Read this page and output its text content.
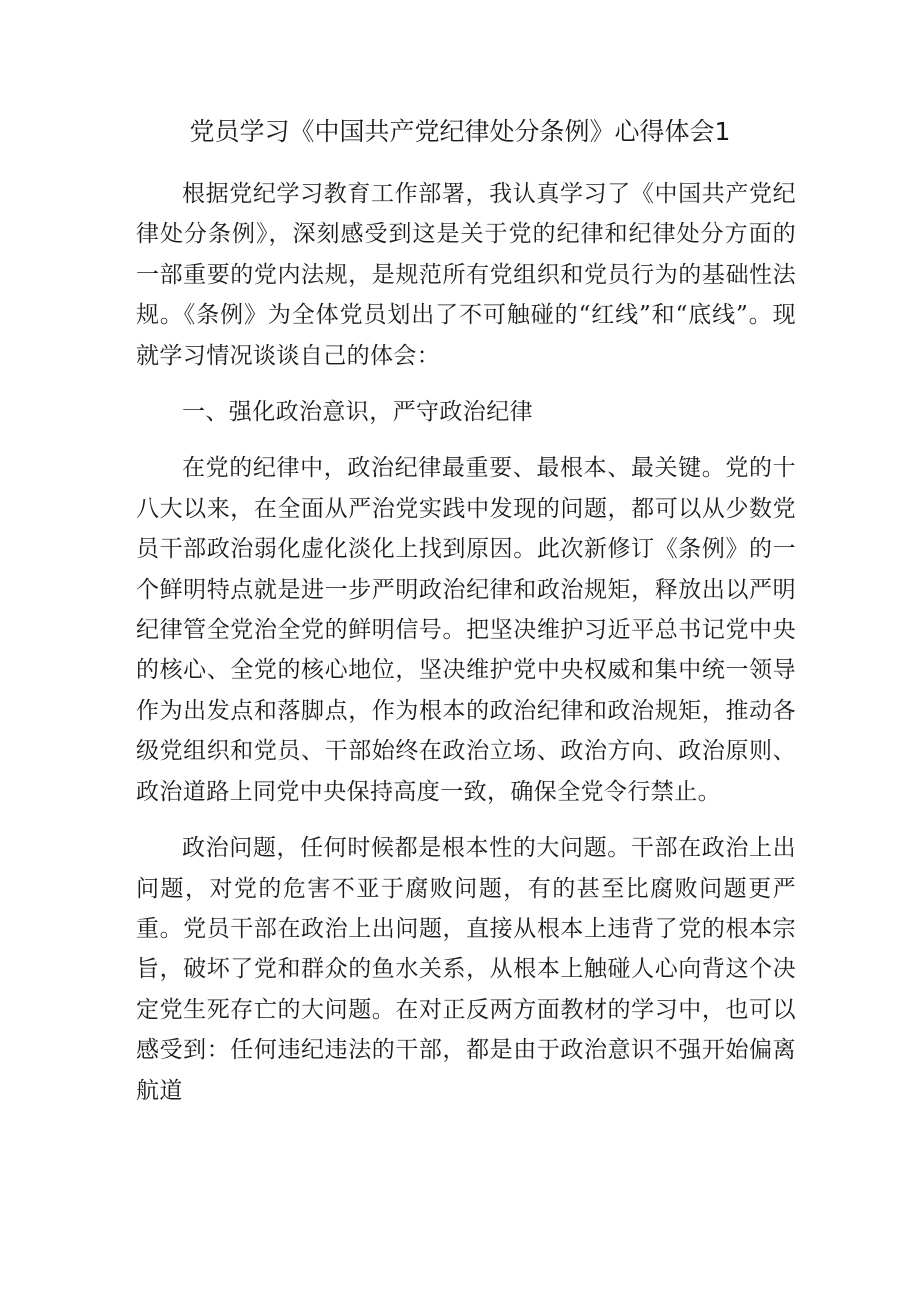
党员学习《中国共产党纪律处分条例》心得体会1

根据党纪学习教育工作部署，我认真学习了《中国共产党纪律处分条例》，深刻感受到这是关于党的纪律和纪律处分方面的一部重要的党内法规，是规范所有党组织和党员行为的基础性法规。《条例》为全体党员划出了不可触碰的“红线”和“底线”。现就学习情况谈谈自己的体会：

一、强化政治意识，严守政治纪律

在党的纪律中，政治纪律最重要、最根本、最关键。党的十八大以来，在全面从严治党实践中发现的问题，都可以从少数党员干部政治弱化虚化淡化上找到原因。此次新修订《条例》的一个鲜明特点就是进一步严明政治纪律和政治规矩，释放出以严明纪律管全党治全党的鲜明信号。把坚决维护习近平总书记党中央的核心、全党的核心地位，坚决维护党中央权威和集中统一领导作为出发点和落脚点，作为根本的政治纪律和政治规矩，推动各级党组织和党员、干部始终在政治立场、政治方向、政治原则、政治道路上同党中央保持高度一致，确保全党令行禁止。

政治问题，任何时候都是根本性的大问题。干部在政治上出问题，对党的危害不亚于腐败问题，有的甚至比腐败问题更严重。党员干部在政治上出问题，直接从根本上违背了党的根本宗旨，破坏了党和群众的鱼水关系，从根本上触碰人心向背这个决定党生死存亡的大问题。在对正反两方面教材的学习中，也可以感受到：任何违纪违法的干部，都是由于政治意识不强开始偏离航道
